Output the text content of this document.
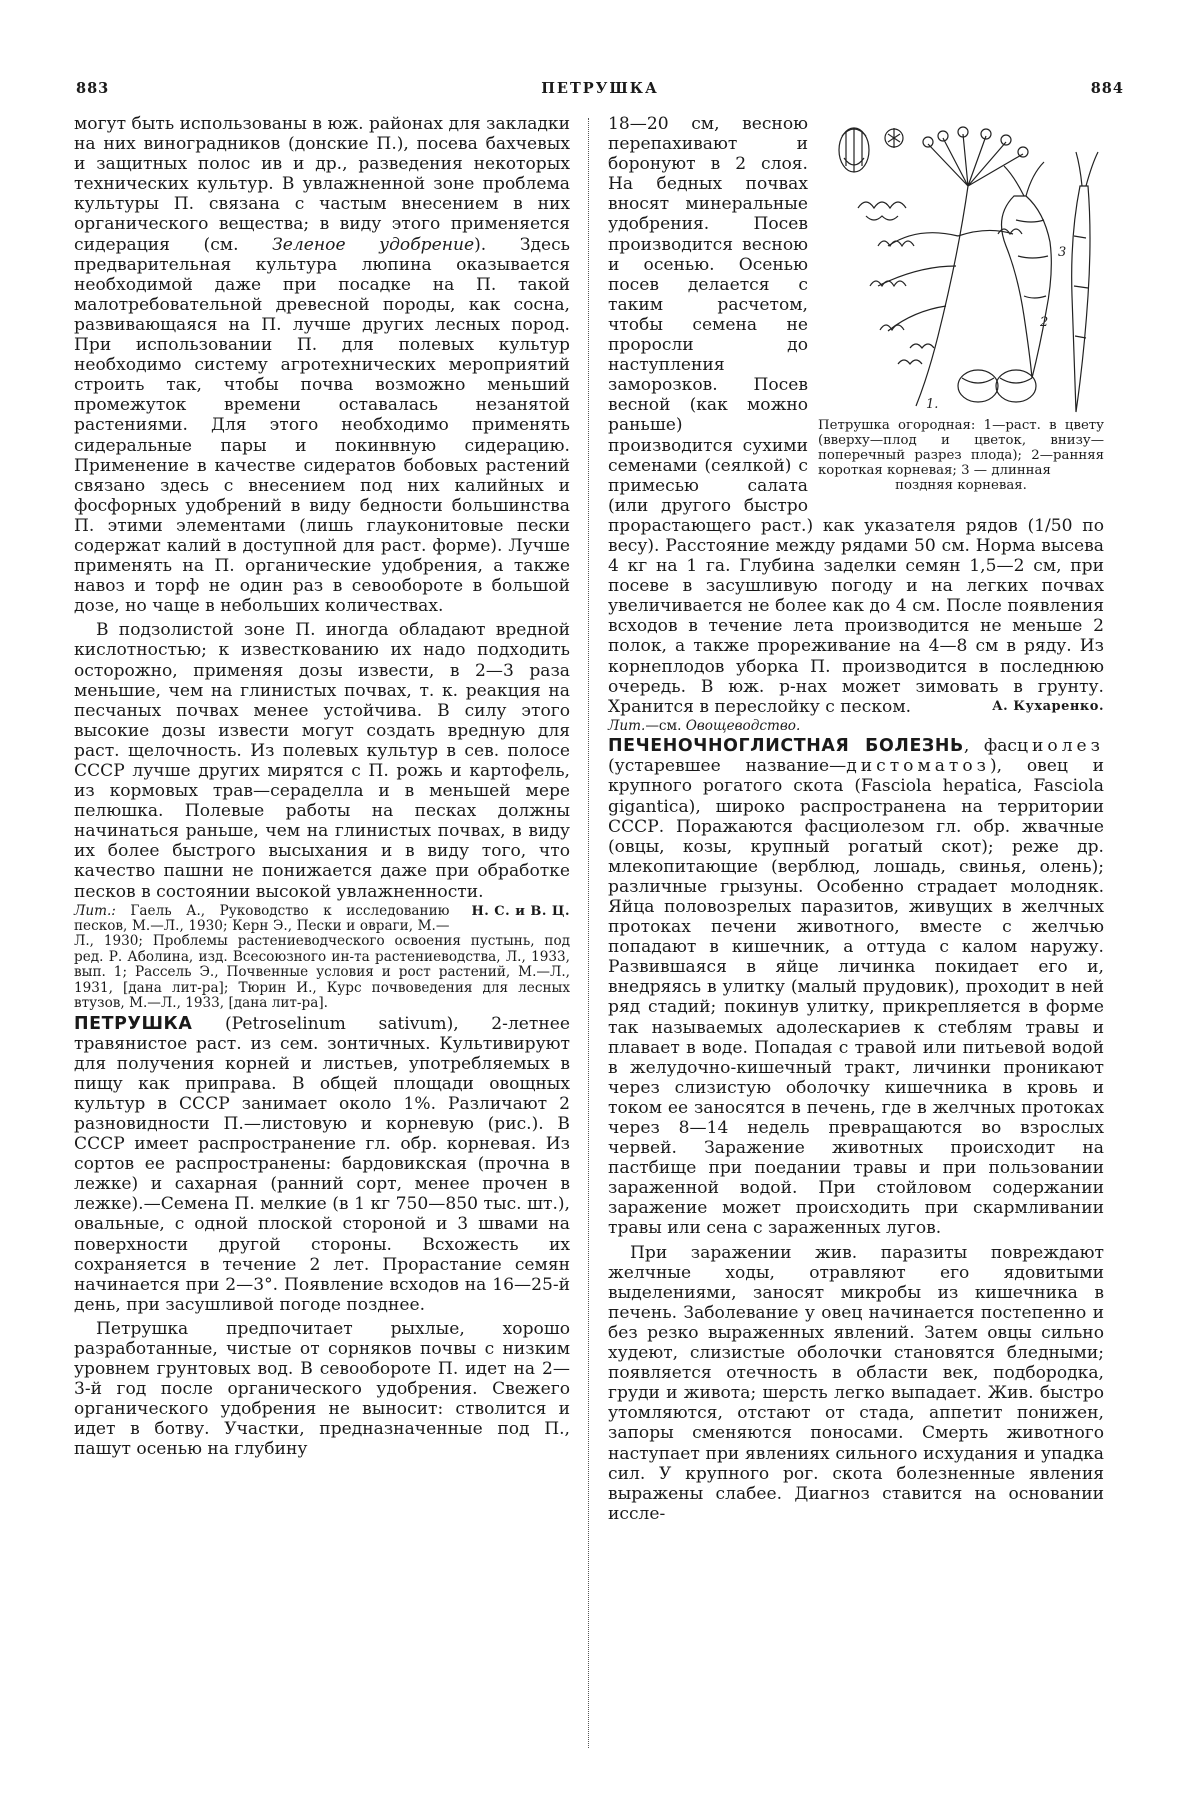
883	ПЕТРУШКА	884

могут быть использованы в юж. районах для закладки на них виноградников (донские П.), посева бахчевых и защитных полос ив и др., разведения некоторых технических культур. В увлажненной зоне проблема культуры П. связана с частым внесением в них органического вещества; в виду этого применяется сидерация (см. Зеленое удобрение). Здесь предварительная культура люпина оказывается необходимой даже при посадке на П. такой малотребовательной древесной породы, как сосна, развивающаяся на П. лучше других лесных пород. При использовании П. для полевых культур необходимо систему агротехнических мероприятий строить так, чтобы почва возможно меньший промежуток времени оставалась незанятой растениями. Для этого необходимо применять сидеральные пары и покинвную сидерацию. Применение в качестве сидератов бобовых растений связано здесь с внесением под них калийных и фосфорных удобрений в виду бедности большинства П. этими элементами (лишь глауконитовые пески содержат калий в доступной для раст. форме). Лучше применять на П. органические удобрения, а также навоз и торф не один раз в севообороте в большой дозе, но чаще в небольших количествах.

В подзолистой зоне П. иногда обладают вредной кислотностью; к известкованию их надо подходить осторожно, применяя дозы извести, в 2—3 раза меньшие, чем на глинистых почвах, т. к. реакция на песчаных почвах менее устойчива. В силу этого высокие дозы извести могут создать вредную для раст. щелочность. Из полевых культур в сев. полосе СССР лучше других мирятся с П. рожь и картофель, из кормовых трав—сераделла и в меньшей мере пелюшка. Полевые работы на песках должны начинаться раньше, чем на глинистых почвах, в виду их более быстрого высыхания и в виду того, что качество пашни не понижается даже при обработке песков в состоянии высокой увлажненности.
Н. С. и В. Ц.

Лит.: Гаель А., Руководство к исследованию песков, М.—Л., 1930; Керн Э., Пески и овраги, М.—Л., 1930; Проблемы растениеводческого освоения пустынь, под ред. Р. Аболина, изд. Всесоюзного ин-та растениеводства, Л., 1933, вып. 1; Рассель Э., Почвенные условия и рост растений, М.—Л., 1931, [дана лит-ра]; Тюрин И., Курс почвоведения для лесных втузов, М.—Л., 1933, [дана лит-ра].

ПЕТРУШКА (Petroselinum sativum), 2-летнее травянистое раст. из сем. зонтичных. Культивируют для получения корней и листьев, употребляемых в пищу как приправа. В общей площади овощных культур в СССР занимает около 1%. Различают 2 разновидности П.—листовую и корневую (рис.). В СССР имеет распространение гл. обр. корневая. Из сортов ее распространены: бардовикская (прочна в лежке) и сахарная (ранний сорт, менее прочен в лежке).—Семена П. мелкие (в 1 кг 750—850 тыс. шт.), овальные, с одной плоской стороной и 3 швами на поверхности другой стороны. Всхожесть их сохраняется в течение 2 лет. Прорастание семян начинается при 2—3°. Появление всходов на 16—25-й день, при засушливой погоде позднее.

Петрушка предпочитает рыхлые, хорошо разработанные, чистые от сорняков почвы с низким уровнем грунтовых вод. В севообороте П. идет на 2—3-й год после органического удобрения. Свежего органического удобрения не выносит: стволится и идет в ботву. Участки, предназначенные под П., пашут осенью на глубину

1.
2
3
Петрушка огородная: 1—раст. в цвету (вверху—плод и цветок, внизу—поперечный разрез плода); 2—ранняя короткая корневая; 3 — длинная
поздняя корневая.

18—20 см, весною перепахивают и боронуют в 2 слоя. На бедных почвах вносят минеральные удобрения. Посев производится весною и осенью. Осенью посев делается с таким расчетом, чтобы семена не проросли до наступления заморозков. Посев весной (как можно раньше) производится сухими семенами (сеялкой) с примесью салата (или другого быстро прорастающего раст.) как указателя рядов (1/50 по весу). Расстояние между рядами 50 см. Норма высева 4 кг на 1 га. Глубина заделки семян 1,5—2 см, при посеве в засушливую погоду и на легких почвах увеличивается не более как до 4 см. После появления всходов в течение лета производится не меньше 2 полок, а также прореживание на 4—8 см в ряду. Из корнеплодов уборка П. производится в последнюю очередь. В юж. р-нах может зимовать в грунту. Хранится в переслойку с песком.	А. Кухаренко.

Лит.—см. Овощеводство.

ПЕЧЕНОЧНОГЛИСТНАЯ БОЛЕЗНЬ, фасциолез (устаревшее название—дистоматоз), овец и крупного рогатого скота (Fasciola hepatica, Fasciola gigantica), широко распространена на территории СССР. Поражаются фасциолезом гл. обр. жвачные (овцы, козы, крупный рогатый скот); реже др. млекопитающие (верблюд, лошадь, свинья, олень); различные грызуны. Особенно страдает молодняк. Яйца половозрелых паразитов, живущих в желчных протоках печени животного, вместе с желчью попадают в кишечник, а оттуда с калом наружу. Развившаяся в яйце личинка покидает его и, внедряясь в улитку (малый прудовик), проходит в ней ряд стадий; покинув улитку, прикрепляется в форме так называемых адолескариев к стеблям травы и плавает в воде. Попадая с травой или питьевой водой в желудочно-кишечный тракт, личинки проникают через слизистую оболочку кишечника в кровь и током ее заносятся в печень, где в желчных протоках через 8—14 недель превращаются во взрослых червей. Заражение животных происходит на пастбище при поедании травы и при пользовании зараженной водой. При стойловом содержании заражение может происходить при скармливании травы или сена с зараженных лугов.

При заражении жив. паразиты повреждают желчные ходы, отравляют его ядовитыми выделениями, заносят микробы из кишечника в печень. Заболевание у овец начинается постепенно и без резко выраженных явлений. Затем овцы сильно худеют, слизистые оболочки становятся бледными; появляется отечность в области век, подбородка, груди и живота; шерсть легко выпадает. Жив. быстро утомляются, отстают от стада, аппетит понижен, запоры сменяются поносами. Смерть животного наступает при явлениях сильного исхудания и упадка сил. У крупного рог. скота болезненные явления выражены слабее. Диагноз ставится на основании иссле-
